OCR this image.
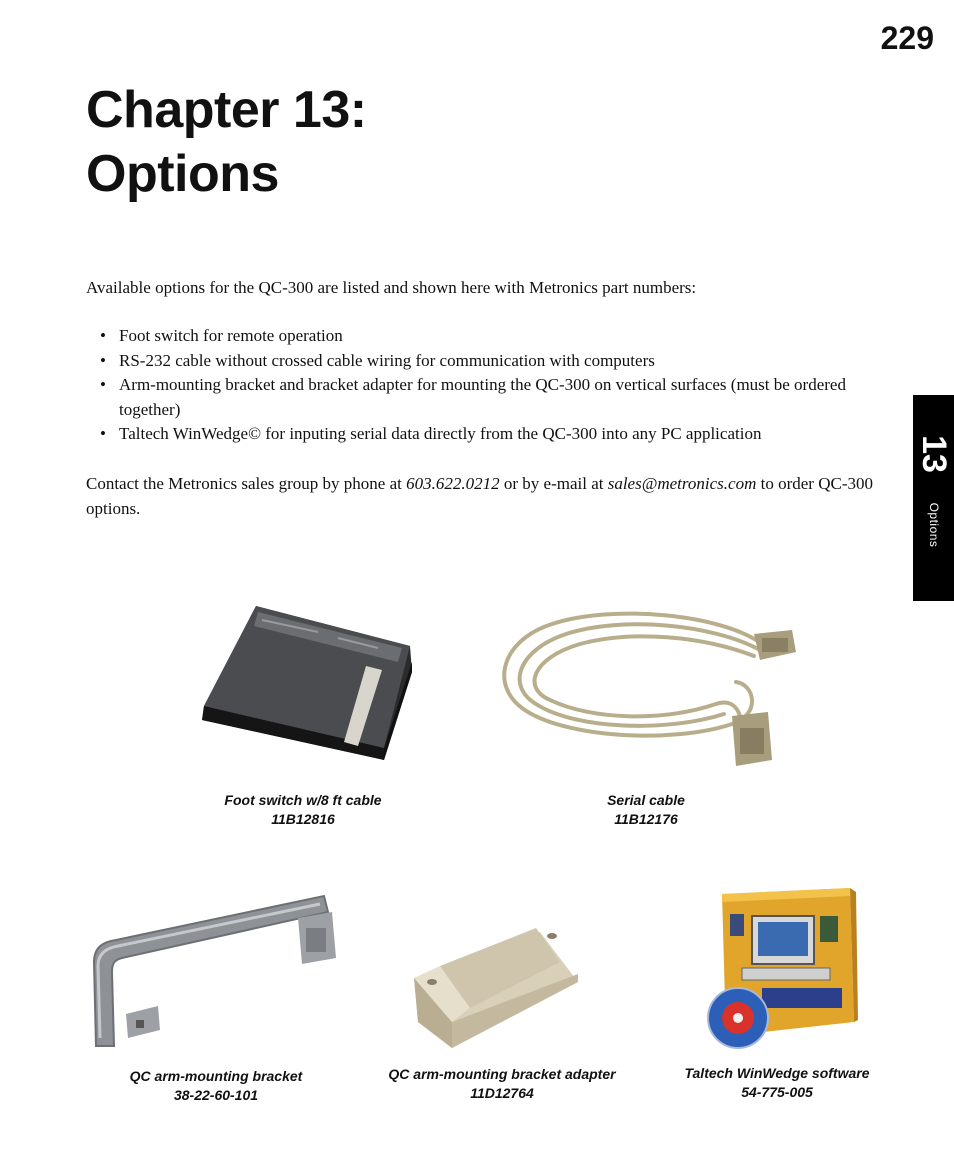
229
Chapter 13:
Options

Available options for the QC-300 are listed and shown here with Metronics part numbers:

• Foot switch for remote operation
• RS-232 cable without crossed cable wiring for communication with computers
• Arm-mounting bracket and bracket adapter for mounting the QC-300 on vertical surfaces (must be ordered together)
• Taltech WinWedge© for inputing serial data directly from the QC-300 into any PC application

Contact the Metronics sales group by phone at 603.622.0212 or by e-mail at sales@metronics.com to order QC-300 options.

13
Options
Foot switch w/8 ft cable
11B12816
Serial cable
11B12176
QC arm-mounting bracket
38-22-60-101
QC arm-mounting bracket adapter
11D12764
Taltech WinWedge software
54-775-005
